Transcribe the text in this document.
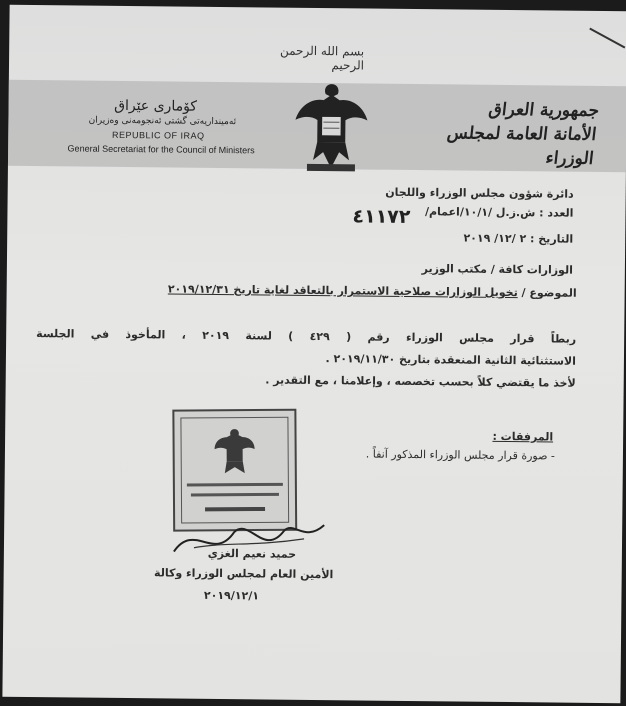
بسم الله الرحمن الرحيم
جمهورية العراق
الأمانة العامة لمجلس الوزراء
كۆماری عێراق
ئەمینداریەتی گشتی ئەنجومەنی وەزیران
REPUBLIC OF IRAQ
General Secretariat for the Council of Ministers
دائرة شؤون مجلس الوزراء واللجان
العدد : ش.ز.ل /١٠/١/اعمام/
٤١١٧٢
التاريخ : ٢ /١٢/ ٢٠١٩
الوزارات كافة / مكتب الوزير
الموضوع / تخويل الوزارات صلاحية الاستمرار بالتعاقد لغاية تاريخ ٢٠١٩/١٢/٣١
ربطاً قرار مجلس الوزراء رقم ( ٤٢٩ ) لسنة ٢٠١٩ ، المأخوذ في الجلسة
الاستثنائية الثانية المنعقدة بتاريخ ٢٠١٩/١١/٣٠ .
لأخذ ما يقتضي كلاً بحسب تخصصه ، وإعلامنا ، مع التقدير .
المرفقات :
- صورة قرار مجلس الوزراء المذكور آنفاً .
حميد نعيم الغزي
الأمين العام لمجلس الوزراء وكالة
٢٠١٩/١٢/١
